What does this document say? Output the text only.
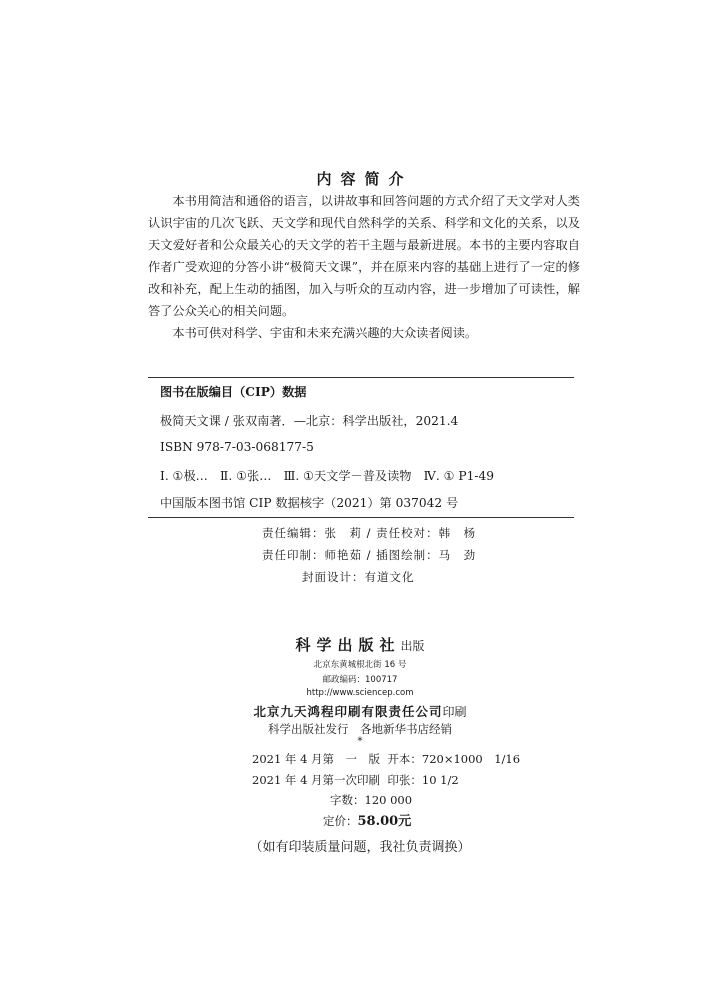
内容简介

本书用简洁和通俗的语言，以讲故事和回答问题的方式介绍了天文学对人类认识宇宙的几次飞跃、天文学和现代自然科学的关系、科学和文化的关系，以及天文爱好者和公众最关心的天文学的若干主题与最新进展。本书的主要内容取自作者广受欢迎的分答小讲“极简天文课”，并在原来内容的基础上进行了一定的修改和补充，配上生动的插图，加入与听众的互动内容，进一步增加了可读性，解答了公众关心的相关问题。

本书可供对科学、宇宙和未来充满兴趣的大众读者阅读。

图书在版编目（CIP）数据
极简天文课 / 张双南著．—北京：科学出版社，2021.4
ISBN 978-7-03-068177-5
Ⅰ. ①极…　Ⅱ. ①张…　Ⅲ. ①天文学－普及读物　Ⅳ. ① P1-49
中国版本图书馆 CIP 数据核字（2021）第 037042 号
责任编辑：张　莉 / 责任校对：韩　杨
责任印制：师艳茹 / 插图绘制：马　劲
封面设计：有道文化
科学出版社出版
北京东黄城根北街 16 号
邮政编码：100717
http://www.sciencep.com
北京九天鸿程印刷有限责任公司印刷
科学出版社发行　各地新华书店经销
*
2021 年 4 月第　一　版 开本：720×1000　1/16
2021 年 4 月第一次印刷 印张：10 1/2
字数：120 000
定价：58.00元
（如有印装质量问题，我社负责调换）
